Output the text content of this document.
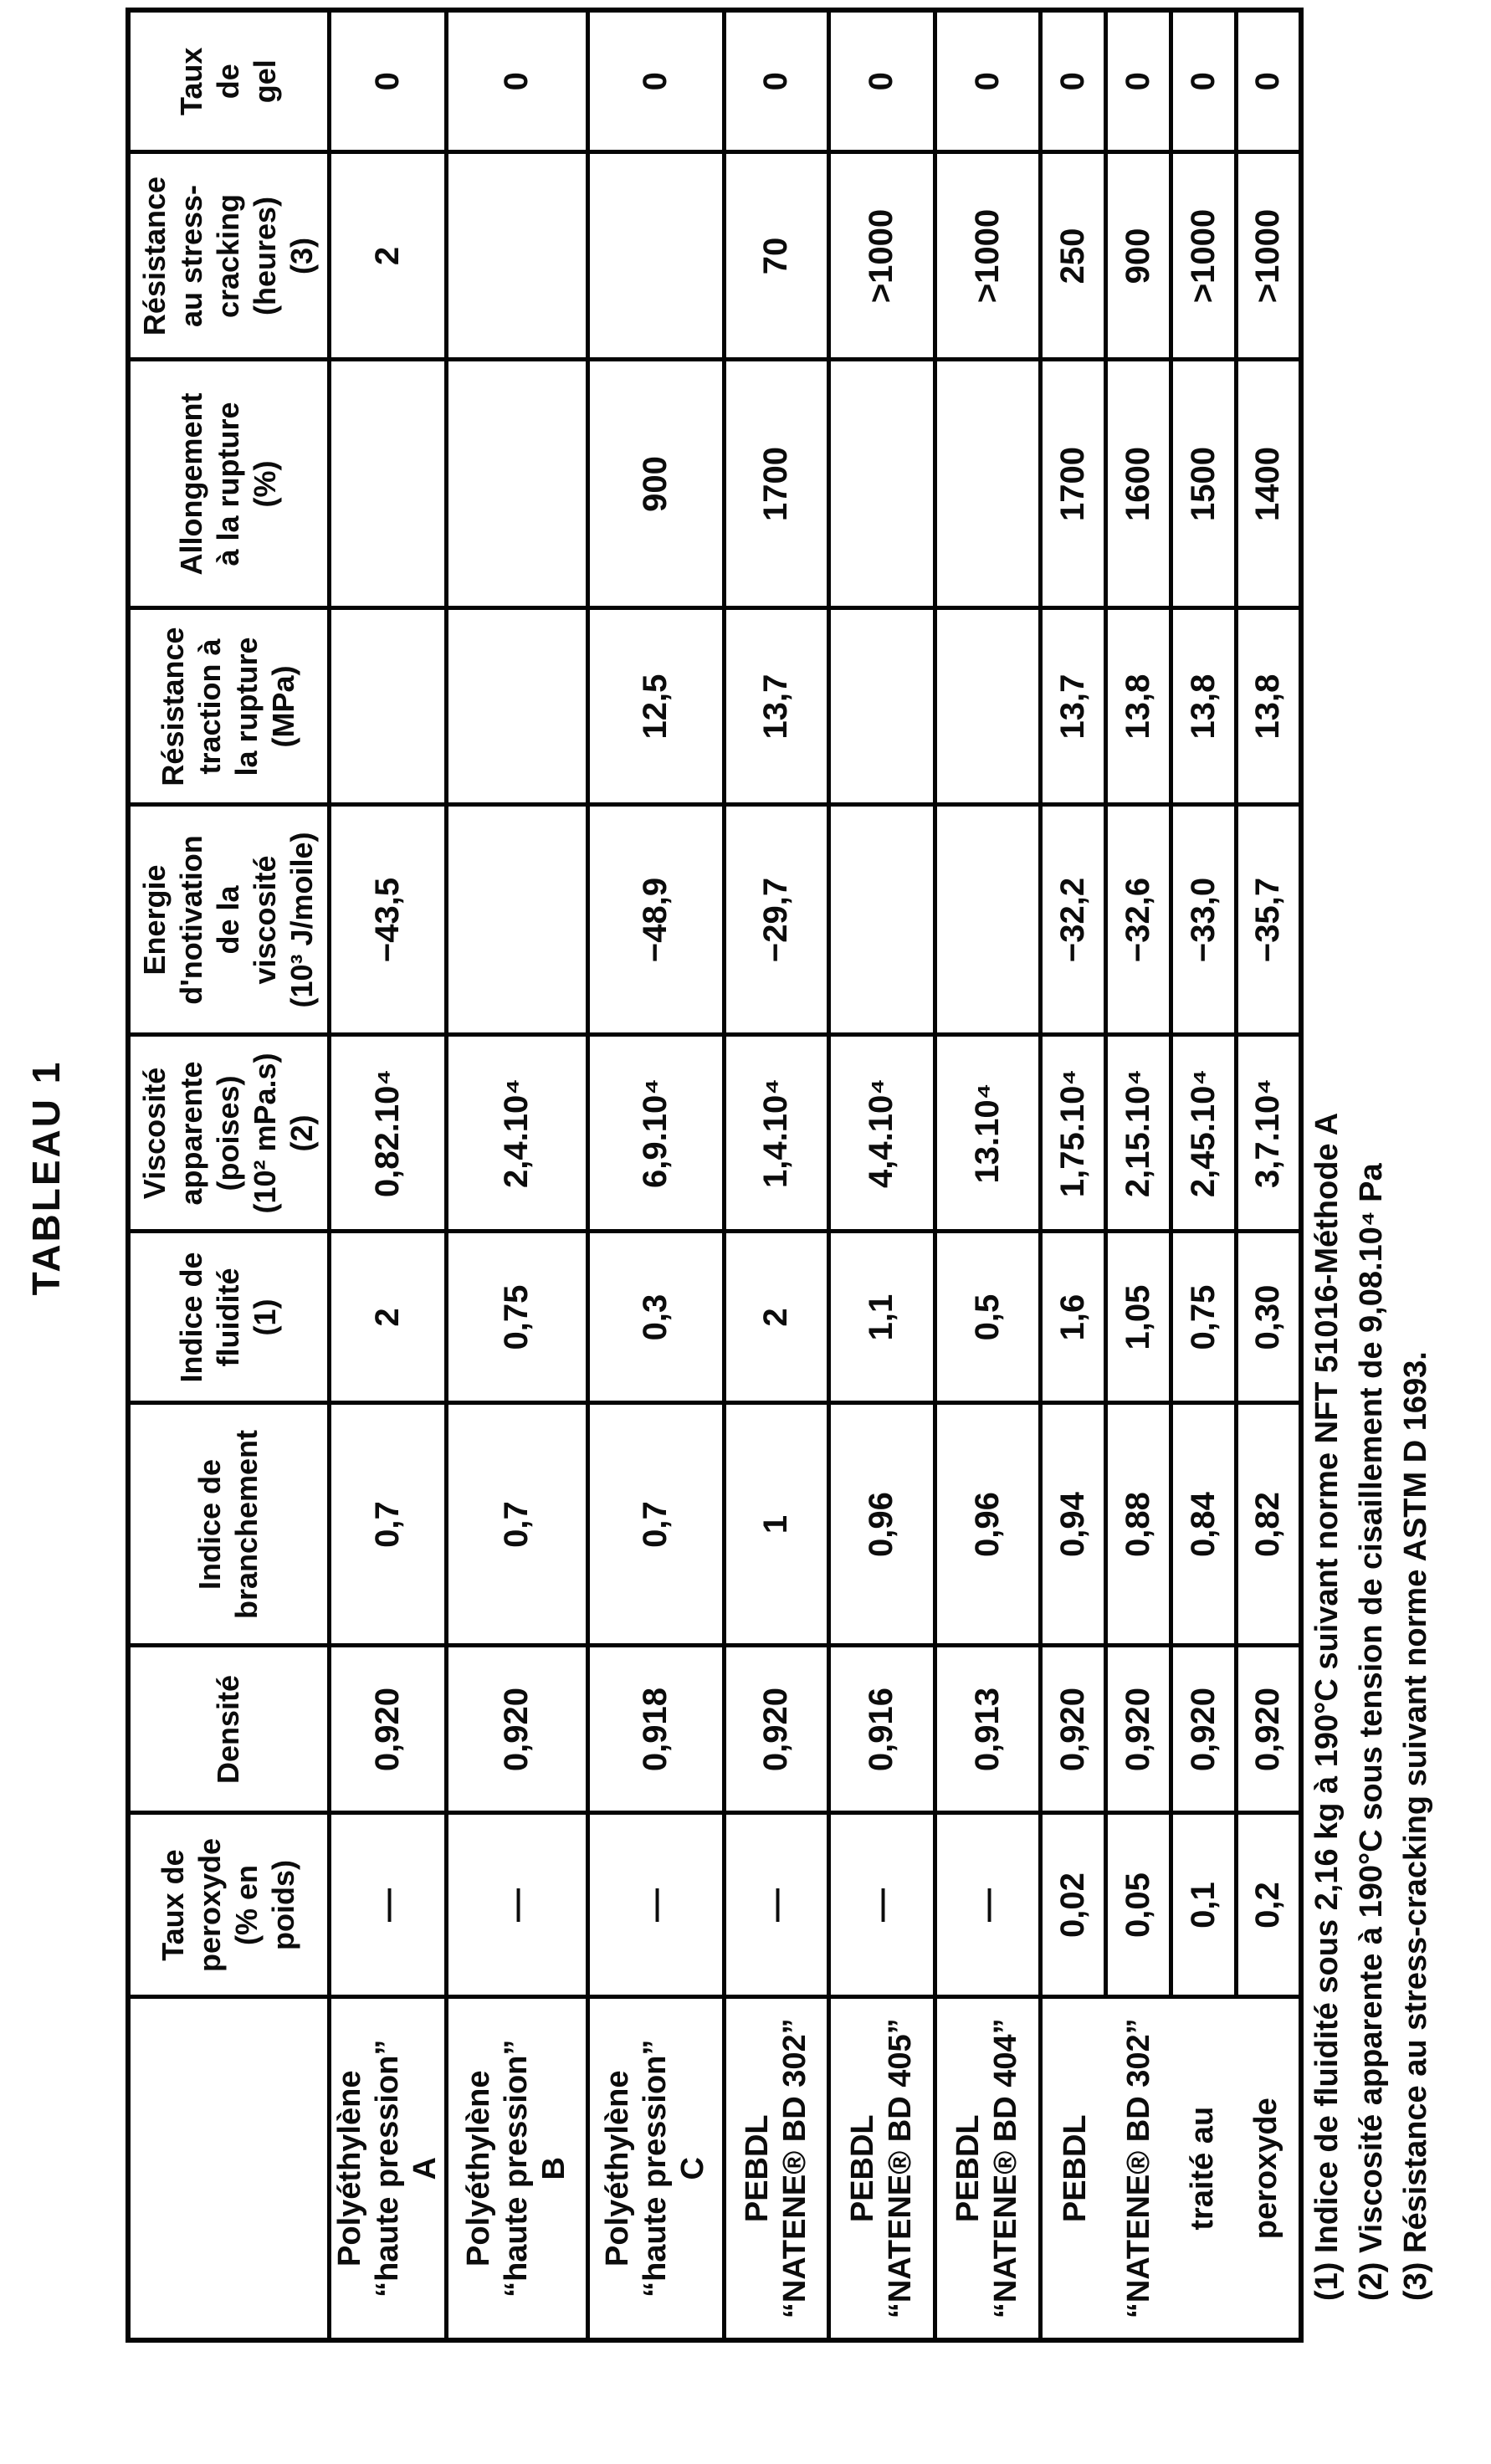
TABLEAU 1
	Taux de
peroxyde
(% en
poids)	Densité	Indice de
branchement	Indice de
fluidité
(1)	Viscosité
apparente
(poises)
(10² mPa.s)
(2)	Energie
d'notivation
de la
viscosité
(10³ J/moile)	Résistance
traction à
la rupture
(MPa)	Allongement
à la rupture
(%)	Résistance
au stress-
cracking
(heures)
(3)	Taux
de
gel
Polyéthylène
“haute pression”
A	—	0,920	0,7	2	0,82.10⁴	−43,5			2	0
Polyéthylène
“haute pression”
B	—	0,920	0,7	0,75	2,4.10⁴					0
Polyéthylène
“haute pression”
C	—	0,918	0,7	0,3	6,9.10⁴	−48,9	12,5	900		0
PEBDL
“NATENE® BD 302”	—	0,920	1	2	1,4.10⁴	−29,7	13,7	1700	70	0
PEBDL
“NATENE® BD 405”	—	0,916	0,96	1,1	4,4.10⁴				>1000	0
PEBDL
“NATENE® BD 404”	—	0,913	0,96	0,5	13.10⁴				>1000	0
PEBDL
“NATENE® BD 302”
traité au
peroxyde	0,02	0,920	0,94	1,6	1,75.10⁴	−32,2	13,7	1700	250	0
	0,05	0,920	0,88	1,05	2,15.10⁴	−32,6	13,8	1600	900	0
	0,1	0,920	0,84	0,75	2,45.10⁴	−33,0	13,8	1500	>1000	0
	0,2	0,920	0,82	0,30	3,7.10⁴	−35,7	13,8	1400	>1000	0
(1) Indice de fluidité sous 2,16 kg à 190°C suivant norme NFT 51016-Méthode A (2) Viscosité apparente à 190°C sous tension de cisaillement de 9,08.10⁴ Pa (3) Résistance au stress-cracking suivant norme ASTM D 1693.
